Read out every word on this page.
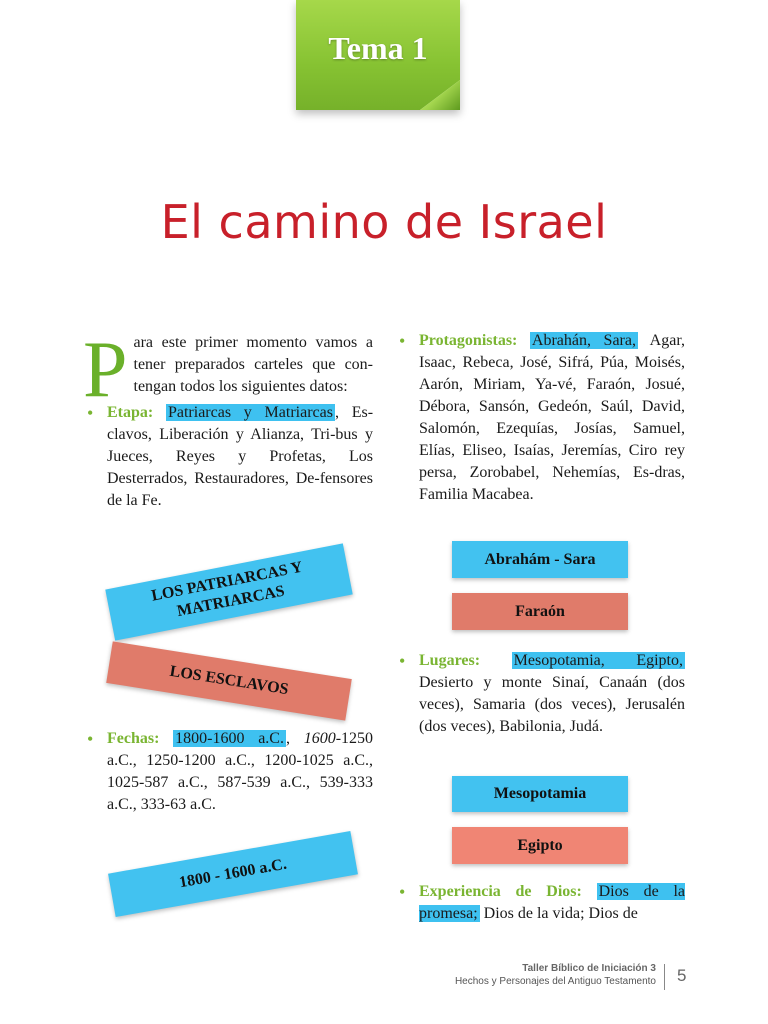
Tema 1
El camino de Israel
Para este primer momento vamos a tener preparados carteles que con-tengan todos los siguientes datos:
• Etapa: Patriarcas y Matriarcas , Es-clavos, Liberación y Alianza, Tri-bus y Jueces, Reyes y Profetas, Los Desterrados, Restauradores, De-fensores de la Fe.
LOS PATRIARCAS Y MATRIARCAS
LOS ESCLAVOS
• Fechas: 1800-1600 a.C. , 1600-1250 a.C., 1250-1200 a.C., 1200-1025 a.C., 1025-587 a.C., 587-539 a.C., 539-333 a.C., 333-63 a.C.
1800 - 1600 a.C.
• Protagonistas: Abrahán, Sara, Agar, Isaac, Rebeca, José, Sifrá, Púa, Moisés, Aarón, Miriam, Ya-vé, Faraón, Josué, Débora, Sansón, Gedeón, Saúl, David, Salomón, Ezequías, Josías, Samuel, Elías, Eliseo, Isaías, Jeremías, Ciro rey persa, Zorobabel, Nehemías, Es-dras, Familia Macabea.
Abrahám - Sara
Faraón
• Lugares: Mesopotamia, Egipto, Desierto y monte Sinaí, Canaán (dos veces), Samaria (dos veces), Jerusalén (dos veces), Babilonia, Judá.
Mesopotamia
Egipto
• Experiencia de Dios: Dios de la promesa; Dios de la vida; Dios de
Taller Bíblico de Iniciación 3
Hechos y Personajes del Antiguo Testamento 5
